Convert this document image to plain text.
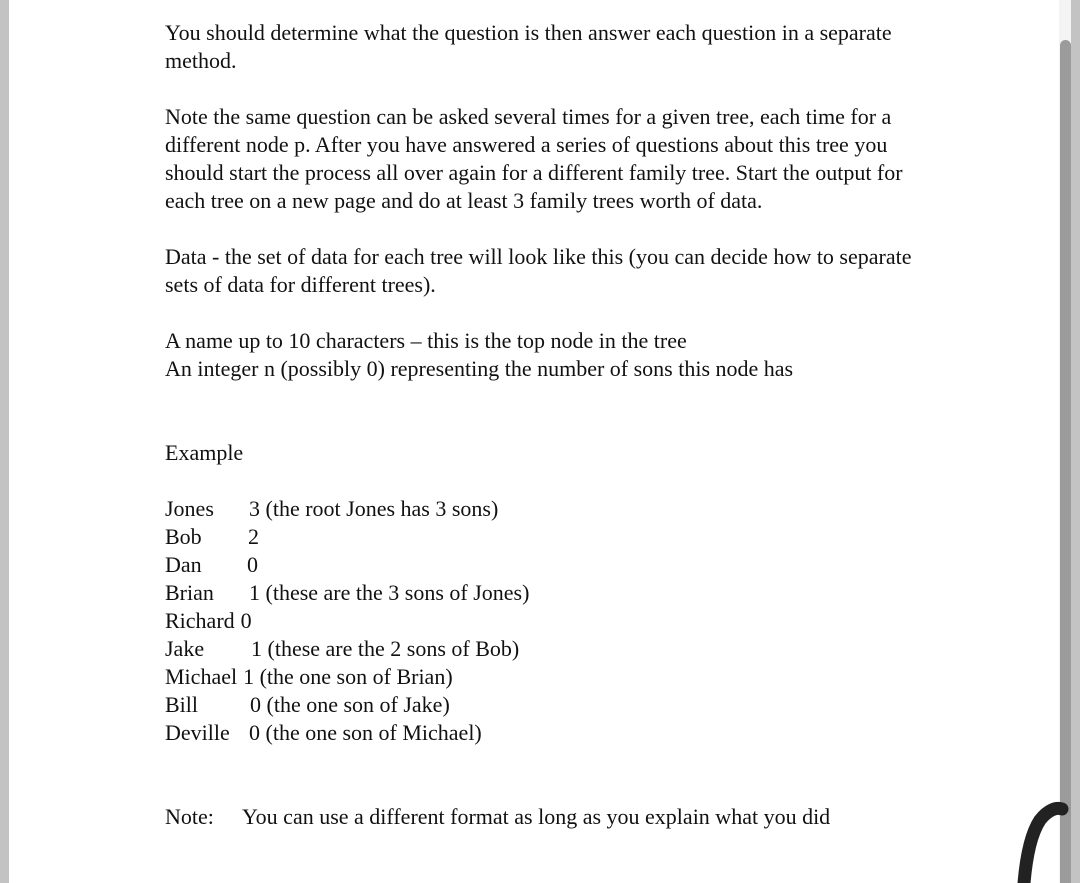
You should determine what the question is then answer each question in a separate method.

Note the same question can be asked several times for a given tree, each time for a different node p. After you have answered a series of questions about this tree you should start the process all over again for a different family tree. Start the output for each tree on a new page and do at least 3 family trees worth of data.

Data - the set of data for each tree will look like this (you can decide how to separate sets of data for different trees).

A name up to 10 characters – this is the top node in the tree

An integer n (possibly 0) representing the number of sons this node has

Example

Jones	3 (the root Jones has 3 sons)
Bob	2
Dan	0
Brian	1 (these are the 3 sons of Jones)
Richard 0
Jake	1 (these are the 2 sons of Bob)
Michael 1 (the one son of Brian)
Bill	0 (the one son of Jake)
Deville 0 (the one son of Michael)
Note:	You can use a different format as long as you explain what you did
